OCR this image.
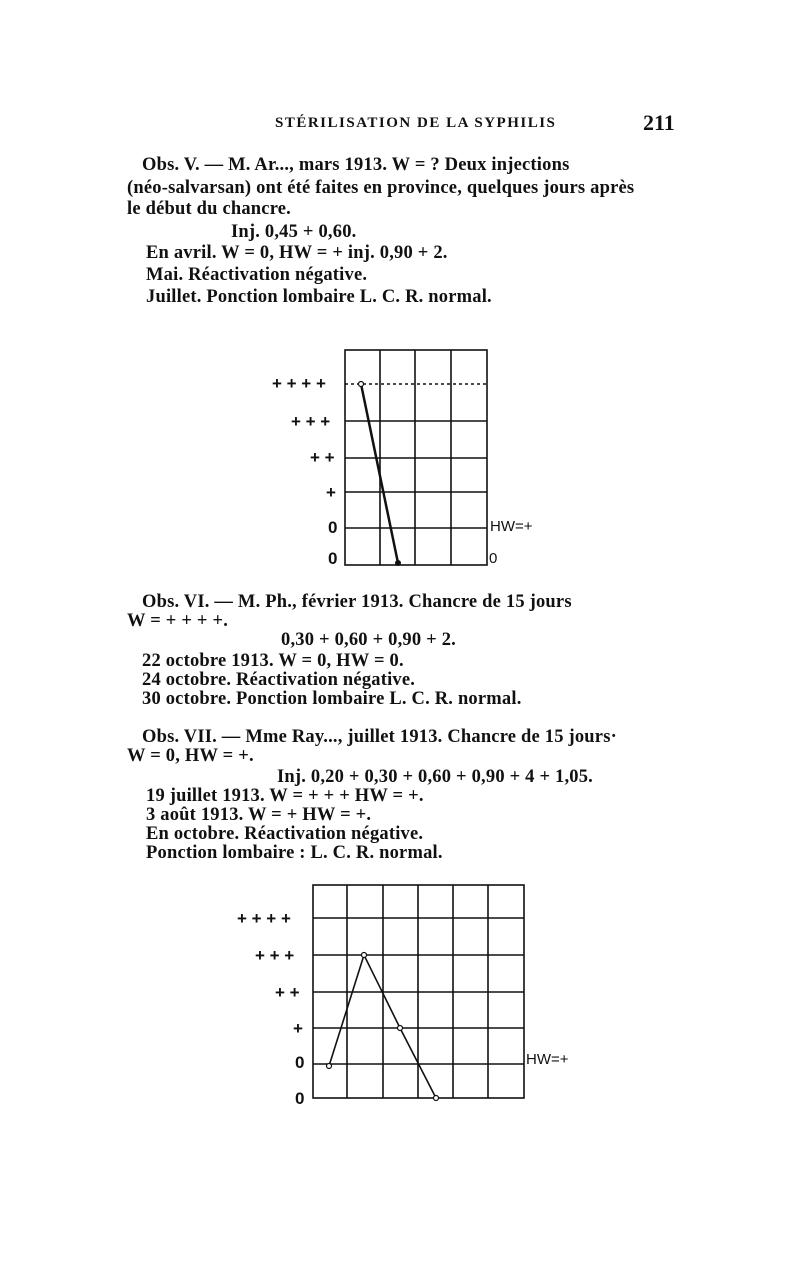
STÉRILISATION DE LA SYPHILIS	211
Obs. V. — M. Ar..., mars 1913. W = ? Deux injections
(néo-salvarsan) ont été faites en province, quelques jours après
le début du chancre.
Inj. 0,45 + 0,60.
En avril. W = 0, HW = + inj. 0,90 + 2.
Mai. Réactivation négative.
Juillet. Ponction lombaire L. C. R. normal.
+ + + +
+ + +
+ +
+
0
0
HW=+
0
Obs. VI. — M. Ph., février 1913. Chancre de 15 jours
W = + + + +.
0,30 + 0,60 + 0,90 + 2.
22 octobre 1913. W = 0, HW = 0.
24 octobre. Réactivation négative.
30 octobre. Ponction lombaire L. C. R. normal.
Obs. VII. — Mme Ray..., juillet 1913. Chancre de 15 jours·
W = 0, HW = +.
Inj. 0,20 + 0,30 + 0,60 + 0,90 + 4 + 1,05.
19 juillet 1913. W = + + + HW = +.
3 août 1913. W = + HW = +.
En octobre. Réactivation négative.
Ponction lombaire : L. C. R. normal.
+ + + +
+ + +
+ +
+
0
0
HW=+
